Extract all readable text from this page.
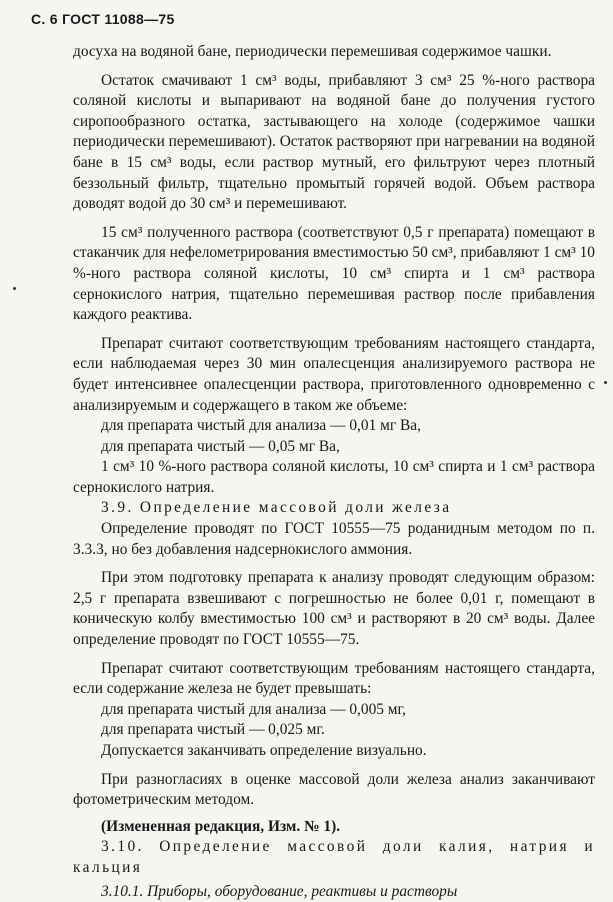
С. 6 ГОСТ 11088—75

досуха на водяной бане, периодически перемешивая содержимое чашки.

Остаток смачивают 1 см³ воды, прибавляют 3 см³ 25 %-ного раствора соляной кислоты и выпаривают на водяной бане до получения густого сиропообразного остатка, застывающего на холоде (содержимое чашки периодически перемешивают). Остаток растворяют при нагревании на водяной бане в 15 см³ воды, если раствор мутный, его фильтруют через плотный беззольный фильтр, тщательно промытый горячей водой. Объем раствора доводят водой до 30 см³ и перемешивают.

15 см³ полученного раствора (соответствуют 0,5 г препарата) помещают в стаканчик для нефелометрирования вместимостью 50 см³, прибавляют 1 см³ 10 %-ного раствора соляной кислоты, 10 см³ спирта и 1 см³ раствора сернокислого натрия, тщательно перемешивая раствор после прибавления каждого реактива.

Препарат считают соответствующим требованиям настоящего стандарта, если наблюдаемая через 30 мин опалесценция анализируемого раствора не будет интенсивнее опалесценции раствора, приготовленного одновременно с анализируемым и содержащего в таком же объеме:

для препарата чистый для анализа — 0,01 мг Ва,

для препарата чистый — 0,05 мг Ва,

1 см³ 10 %-ного раствора соляной кислоты, 10 см³ спирта и 1 см³ раствора сернокислого натрия.

3.9. Определение массовой доли железа

Определение проводят по ГОСТ 10555—75 роданидным методом по п. 3.3.3, но без добавления надсернокислого аммония.

При этом подготовку препарата к анализу проводят следующим образом: 2,5 г препарата взвешивают с погрешностью не более 0,01 г, помещают в коническую колбу вместимостью 100 см³ и растворяют в 20 см³ воды. Далее определение проводят по ГОСТ 10555—75.

Препарат считают соответствующим требованиям настоящего стандарта, если содержание железа не будет превышать:

для препарата чистый для анализа — 0,005 мг,

для препарата чистый — 0,025 мг.

Допускается заканчивать определение визуально.

При разногласиях в оценке массовой доли железа анализ заканчивают фотометрическим методом.

(Измененная редакция, Изм. № 1).

3.10. Определение массовой доли калия, натрия и кальция

3.10.1. Приборы, оборудование, реактивы и растворы
